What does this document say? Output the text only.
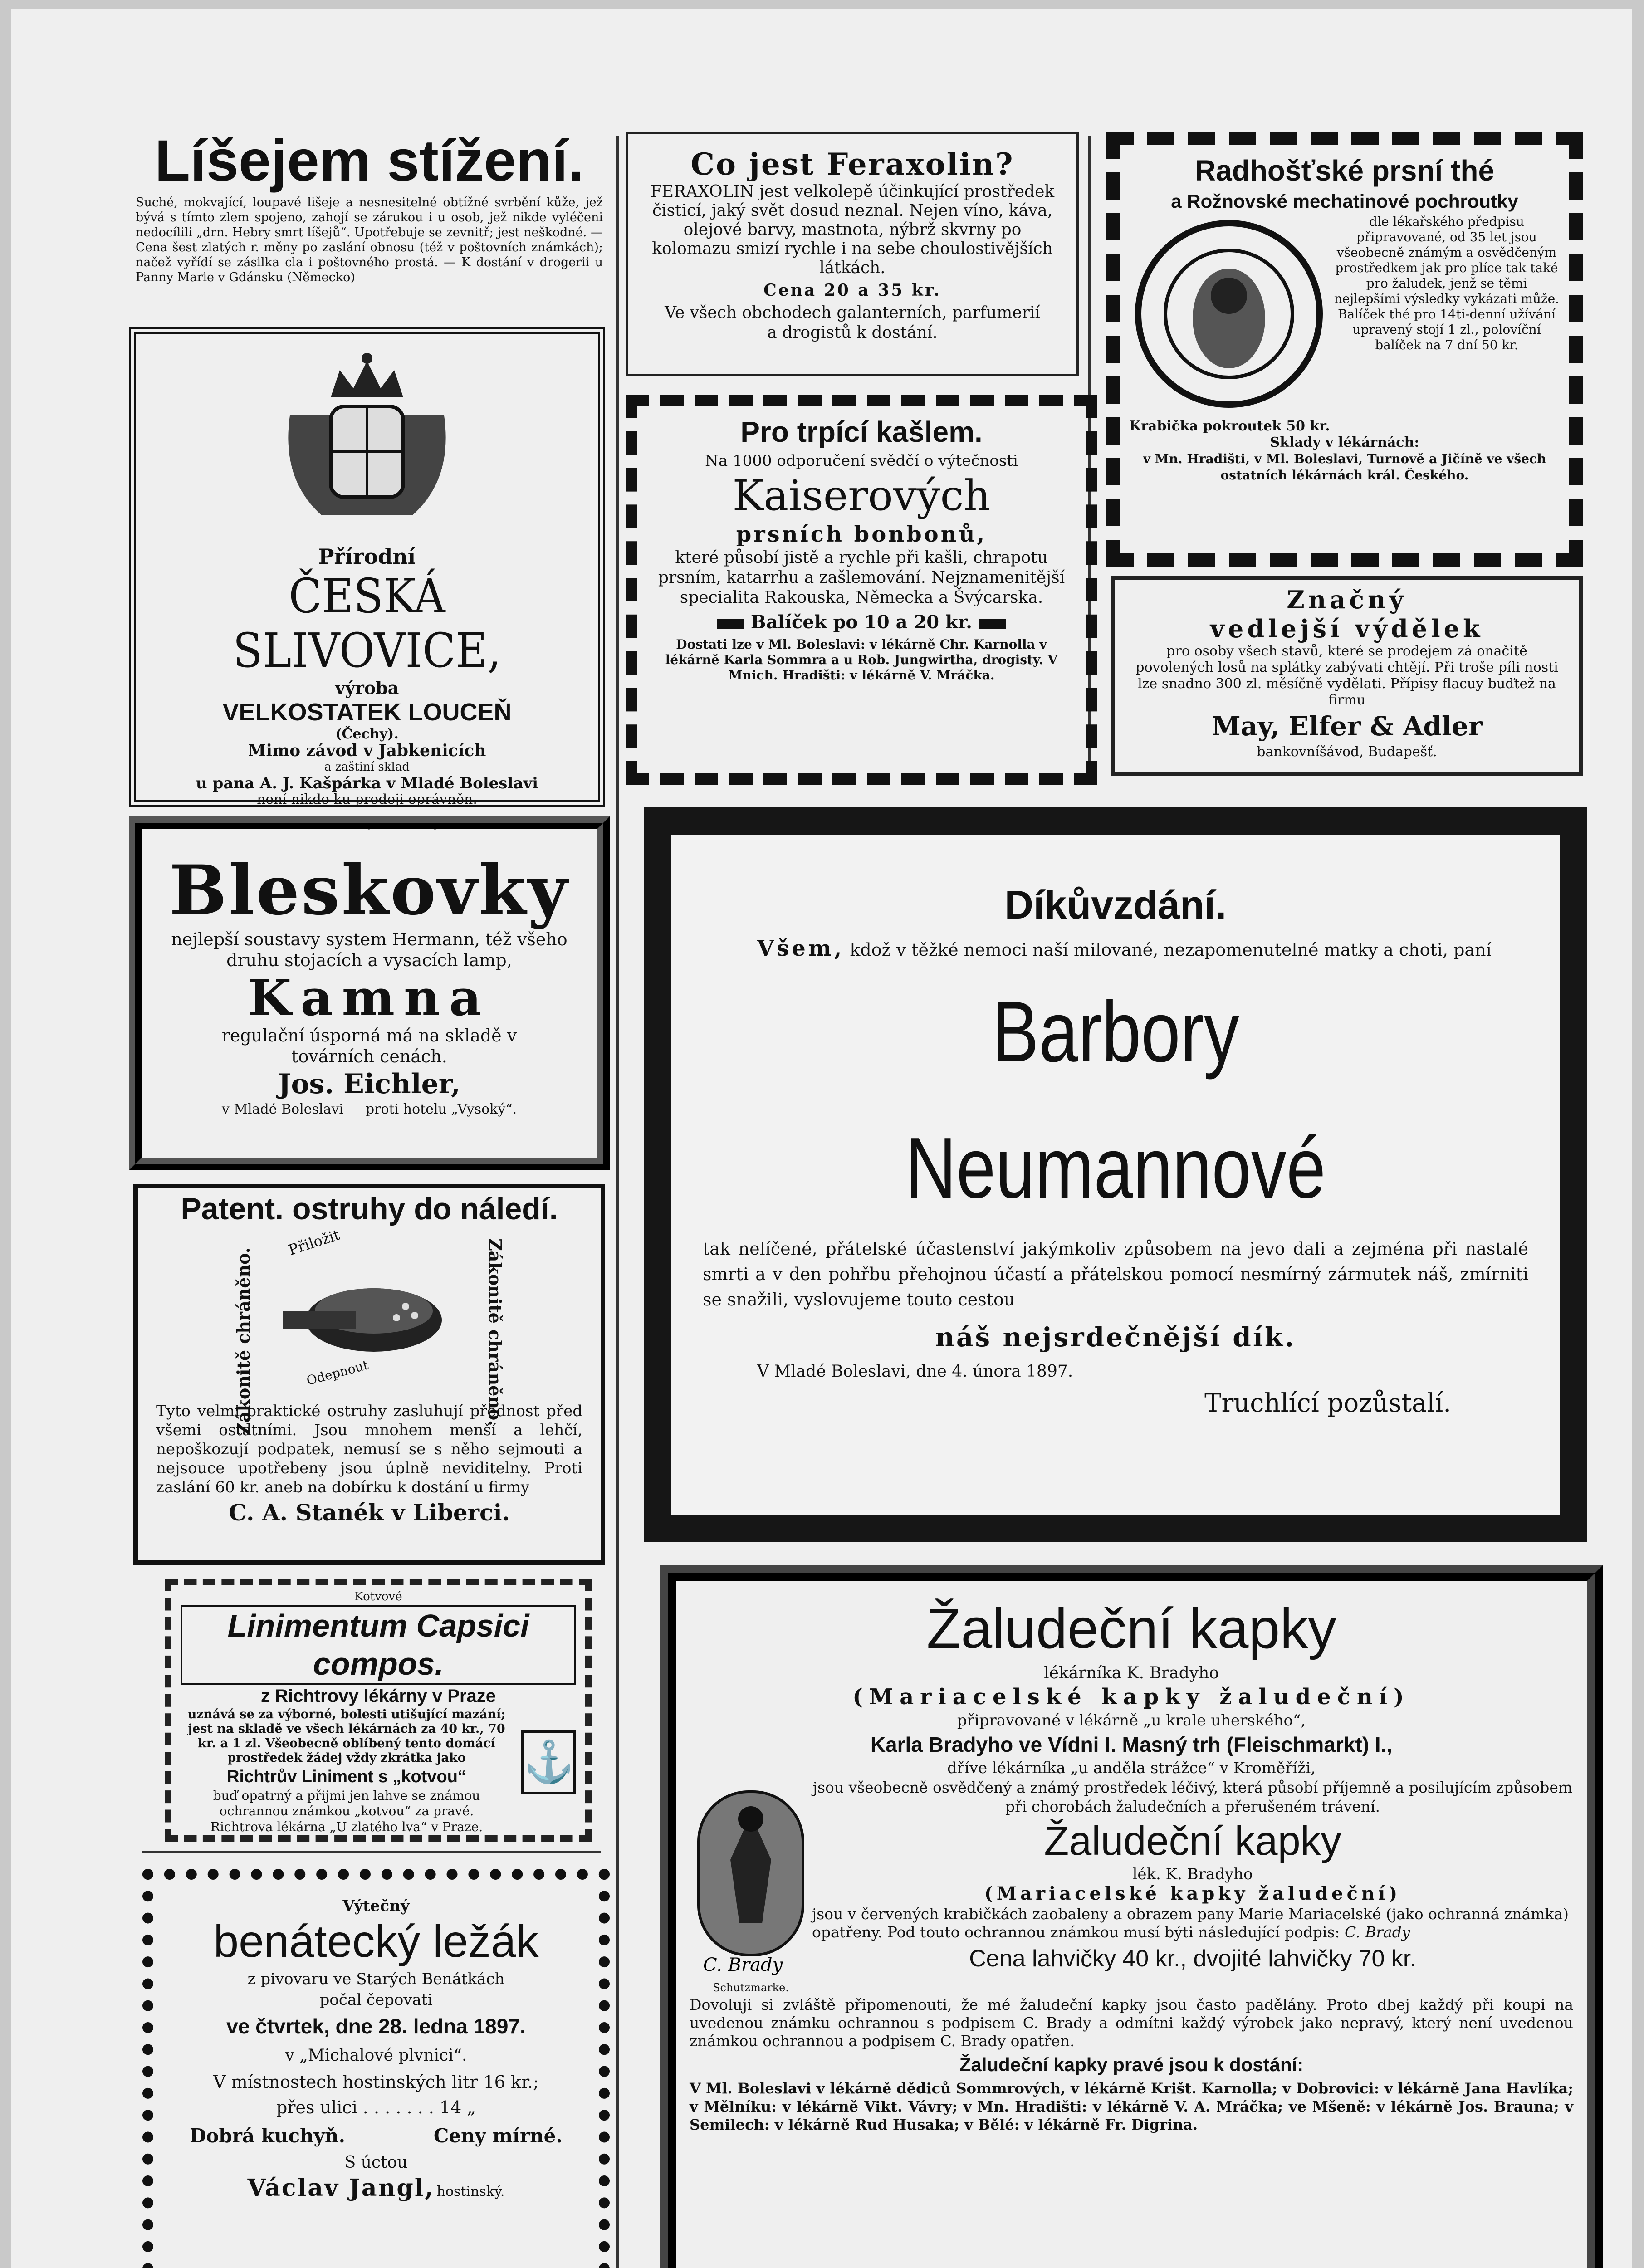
Líšejem stížení.
Suché, mokvající, loupavé lišeje a nesnesitelné obtížné svrbění kůže, jež bývá s tímto zlem spojeno, zahojí se zárukou i u osob, jež nikde vyléčeni nedocílili „drn. Hebry smrt líšejů“. Upotřebuje se zevnitř; jest neškodné. — Cena šest zlatých r. měny po zaslání obnosu (též v poštovních známkách); načež vyřídí se zásilka cla i poštovného prostá. — K dostání v drogerii u Panny Marie v Gdánsku (Německo)
Přírodní
ČESKÁ SLIVOVICE,
výroba
VELKOSTATEK LOUCEŇ
(Čechy).
Mimo závod v Jabkenicích
a zaštiní sklad
u pana A. J. Kašpárka v Mladé Boleslavi
není nikdo ku prodeji oprávněn.
Před padělky se varuje !
Bleskovky
nejlepší soustavy system Hermann, též všeho druhu stojacích a vysacích lamp,
Kamna
regulační úsporná má na skladě v továrních cenách.
Jos. Eichler,
v Mladé Boleslavi — proti hotelu „Vysoký“.
Patent. ostruhy do náledí.
Zákonitě chráněno.	Zákonitě chráněno.
Přiložit
Odepnout
Tyto velmi praktické ostruhy zasluhují přednost před všemi ostatními. Jsou mnohem menší a lehčí, nepoškozují podpatek, nemusí se s něho sejmouti a nejsouce upotřebeny jsou úplně neviditelny. Proti zaslání 60 kr. aneb na dobírku k dostání u firmy
C. A. Stanék v Liberci.
Kotvové
Linimentum Capsici compos.
z Richtrovy lékárny v Praze
uznává se za výborné, bolesti utišující mazání; jest na skladě ve všech lékárnách za 40 kr., 70 kr. a 1 zl. Všeobecně oblíbený tento domácí prostředek žádej vždy zkrátka jako
Richtrův Liniment s „kotvou“
buď opatrný a přijmi jen lahve se známou ochrannou známkou „kotvou“ za pravé.
Richtrova lékárna „U zlatého lva“ v Praze.
⚓
Výtečný
benátecký ležák
z pivovaru ve Starých Benátkách
počal čepovati
ve čtvrtek, dne 28. ledna 1897.
v „Michalové plvnici“.
V místnostech hostinských litr 16 kr.;
přes ulici . . . . . . . 14 „
Dobrá kuchyň.	Ceny mírné.
S úctou
Václav Jangl, hostinský.
Co jest Feraxolin?
FERAXOLIN jest velkolepě účinkující prostředek čisticí, jaký svět dosud neznal. Nejen víno, káva, olejové barvy, mastnota, nýbrž skvrny po kolomazu smizí rychle i na sebe choulostivějších látkách.
Cena 20 a 35 kr.
Ve všech obchodech galanterních, parfumerií a drogistů k dostání.
Pro trpící kašlem.
Na 1000 odporučení svědčí o výtečnosti
Kaiserových
prsních bonbonů,
které působí jistě a rychle při kašli, chrapotu prsním, katarrhu a zašlemování. Nejznamenitější specialita Rakouska, Německa a Švýcarska.
Balíček po 10 a 20 kr.
Dostati lze v Ml. Boleslavi: v lékárně Chr. Karnolla v lékárně Karla Sommra a u Rob. Jungwirtha, drogisty. V Mnich. Hradišti: v lékárně V. Mráčka.
Radhošťské prsní thé
a Rožnovské mechatinové pochroutky
dle lékařského předpisu připravované, od 35 let jsou všeobecně známým a osvědčeným prostředkem jak pro plíce tak také pro žaludek, jenž se těmi nejlepšími výsledky vykázati může. Balíček thé pro 14ti-denní užívání upravený stojí 1 zl., polovíční balíček na 7 dní 50 kr.
Krabička pokroutek 50 kr.
Sklady v lékárnách:
v Mn. Hradišti, v Ml. Boleslavi, Turnově a Jičíně ve všech ostatních lékárnách král. Českého.
Značný
vedlejší výdělek
pro osoby všech stavů, které se prodejem zá onačitě povolených losů na splátky zabývati chtějí. Při troše píli nosti lze snadno 300 zl. měsíčně vydělati. Přípisy flacuy buďtež na firmu
May, Elfer & Adler
bankovníšávod, Budapešť.
Díkůvzdání.
Všem, kdož v těžké nemoci naší milované, nezapomenutelné matky a choti, paní
Barbory Neumannové
tak nelíčené, přátelské účastenství jakýmkoliv způsobem na jevo dali a zejména při nastalé smrti a v den pohřbu přehojnou účastí a přátelskou pomocí nesmírný zármutek náš, zmírniti se snažili, vyslovujeme touto cestou
náš nejsrdečnější dík.
V Mladé Boleslavi, dne 4. února 1897.
Truchlící pozůstalí.
Žaludeční kapky
lékárníka K. Bradyho
(Mariacelské kapky žaludeční)
připravované v lékárně „u krale uherského“,
Karla Bradyho ve Vídni I. Masný trh (Fleischmarkt) I.,
dříve lékárníka „u anděla strážce“ v Kroměříži,
C. Brady
Schutzmarke.
jsou všeobecně osvědčený a známý prostředek léčivý, která působí příjemně a posilujícím způsobem při chorobách žaludečních a přerušeném trávení.
Žaludeční kapky
lék. K. Bradyho
(Mariacelské kapky žaludeční)
jsou v červených krabičkách zaobaleny a obrazem pany Marie Mariacelské (jako ochranná známka) opatřeny. Pod touto ochrannou známkou musí býti následující podpis: C. Brady
Cena lahvičky 40 kr., dvojité lahvičky 70 kr.
Dovoluji si zvláště připomenouti, že mé žaludeční kapky jsou často padělány. Proto dbej každý při koupi na uvedenou známku ochrannou s podpisem C. Brady a odmítni každý výrobek jako nepravý, který není uvedenou známkou ochrannou a podpisem C. Brady opatřen.
Žaludeční kapky pravé jsou k dostání:
V Ml. Boleslavi v lékárně dědiců Sommrových, v lékárně Krišt. Karnolla; v Dobrovici: v lékárně Jana Havlíka; v Mělníku: v lékárně Vikt. Vávry; v Mn. Hradišti: v lékárně V. A. Mráčka; ve Mšeně: v lékárně Jos. Brauna; v Semilech: v lékárně Rud Husaka; v Bělé: v lékárně Fr. Digrina.
